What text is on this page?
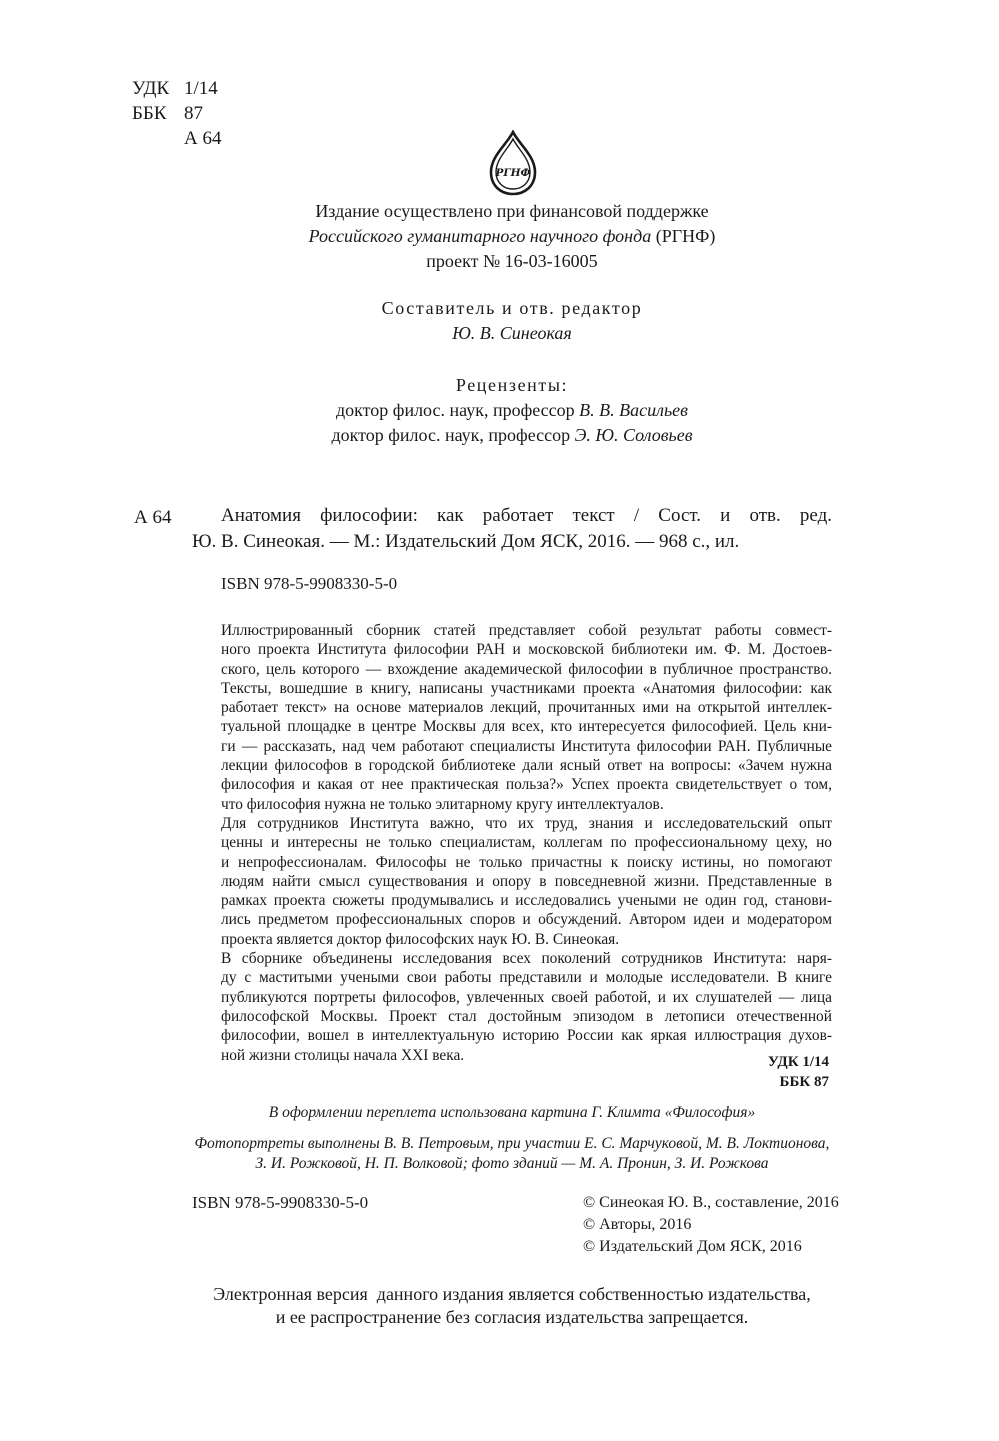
УДК 1/14
ББК 87
А 64
РГНФ
Издание осуществлено при финансовой поддержке
Российского гуманитарного научного фонда (РГНФ)
проект № 16-03-16005
Составитель и отв. редактор
Ю. В. Синеокая
Рецензенты:
доктор филос. наук, профессор В. В. Васильев
доктор филос. наук, профессор Э. Ю. Соловьев
А 64	Анатомия философии: как работает текст / Сост. и отв. ред.
Ю. В. Синеокая. — М.: Издательский Дом ЯСК, 2016. — 968 с., ил.
ISBN 978-5-9908330-5-0

Иллюстрированный сборник статей представляет собой результат работы совмест-
ного проекта Института философии РАН и московской библиотеки им. Ф. М. Достоев-
ского, цель которого — вхождение академической философии в публичное пространство.
Тексты, вошедшие в книгу, написаны участниками проекта «Анатомия философии: как
работает текст» на основе материалов лекций, прочитанных ими на открытой интеллек-
туальной площадке в центре Москвы для всех, кто интересуется философией. Цель кни-
ги — рассказать, над чем работают специалисты Института философии РАН. Публичные
лекции философов в городской библиотеке дали ясный ответ на вопросы: «Зачем нужна
философия и какая от нее практическая польза?» Успех проекта свидетельствует о том,
что философия нужна не только элитарному кругу интеллектуалов.

Для сотрудников Института важно, что их труд, знания и исследовательский опыт
ценны и интересны не только специалистам, коллегам по профессиональному цеху, но
и непрофессионалам. Философы не только причастны к поиску истины, но помогают
людям найти смысл существования и опору в повседневной жизни. Представленные в
рамках проекта сюжеты продумывались и исследовались учеными не один год, станови-
лись предметом профессиональных споров и обсуждений. Автором идеи и модератором
проекта является доктор философских наук Ю. В. Синеокая.

В сборнике объединены исследования всех поколений сотрудников Института: наря-
ду с маститыми учеными свои работы представили и молодые исследователи. В книге
публикуются портреты философов, увлеченных своей работой, и их слушателей — лица
философской Москвы. Проект стал достойным эпизодом в летописи отечественной
философии, вошел в интеллектуальную историю России как яркая иллюстрация духов-
ной жизни столицы начала XXI века.	УДК 1/14
ББК 87
В оформлении переплета использована картина Г. Климта «Философия»
Фотопортреты выполнены В. В. Петровым, при участии Е. С. Марчуковой, М. В. Локтионова,
З. И. Рожковой, Н. П. Волковой; фото зданий — М. А. Пронин, З. И. Рожкова
ISBN 978-5-9908330-5-0	© Синеокая Ю. В., составление, 2016
© Авторы, 2016
© Издательский Дом ЯСК, 2016
Электронная версия  данного издания является собственностью издательства,
и ее распространение без согласия издательства запрещается.
